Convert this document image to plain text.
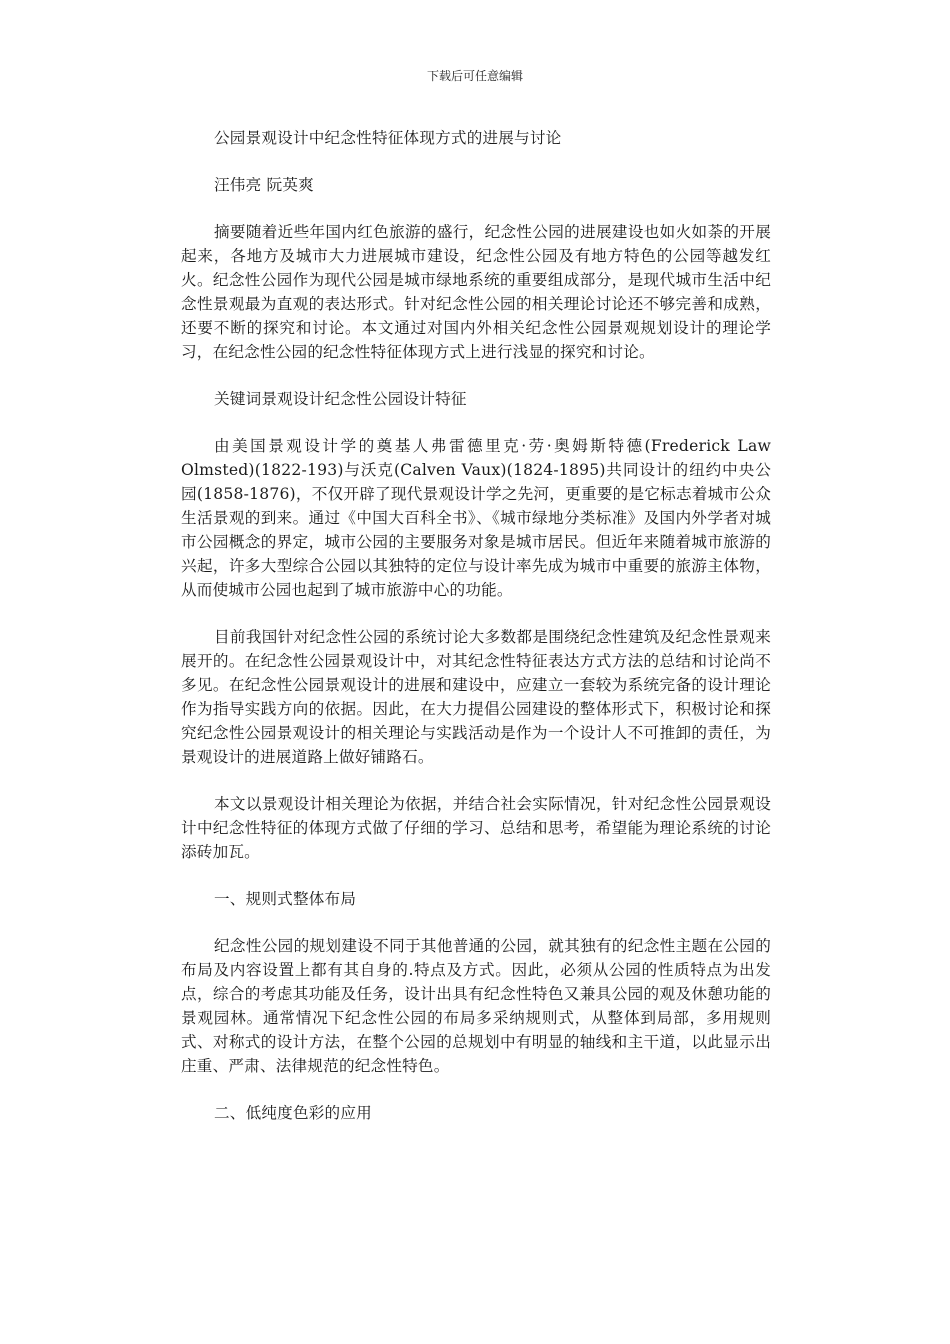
下载后可任意编辑

公园景观设计中纪念性特征体现方式的进展与讨论

汪伟亮 阮英爽

摘要随着近些年国内红色旅游的盛行，纪念性公园的进展建设也如火如荼的开展起来，各地方及城市大力进展城市建设，纪念性公园及有地方特色的公园等越发红火。纪念性公园作为现代公园是城市绿地系统的重要组成部分，是现代城市生活中纪念性景观最为直观的表达形式。针对纪念性公园的相关理论讨论还不够完善和成熟，还要不断的探究和讨论。本文通过对国内外相关纪念性公园景观规划设计的理论学习，在纪念性公园的纪念性特征体现方式上进行浅显的探究和讨论。

关键词景观设计纪念性公园设计特征

由美国景观设计学的奠基人弗雷德里克·劳·奥姆斯特德(Frederick Law Olmsted)(1822-193)与沃克(Calven Vaux)(1824-1895)共同设计的纽约中央公园(1858-1876)，不仅开辟了现代景观设计学之先河，更重要的是它标志着城市公众生活景观的到来。通过《中国大百科全书》、《城市绿地分类标准》及国内外学者对城市公园概念的界定，城市公园的主要服务对象是城市居民。但近年来随着城市旅游的兴起，许多大型综合公园以其独特的定位与设计率先成为城市中重要的旅游主体物，从而使城市公园也起到了城市旅游中心的功能。

目前我国针对纪念性公园的系统讨论大多数都是围绕纪念性建筑及纪念性景观来展开的。在纪念性公园景观设计中，对其纪念性特征表达方式方法的总结和讨论尚不多见。在纪念性公园景观设计的进展和建设中，应建立一套较为系统完备的设计理论作为指导实践方向的依据。因此，在大力提倡公园建设的整体形式下，积极讨论和探究纪念性公园景观设计的相关理论与实践活动是作为一个设计人不可推卸的责任，为景观设计的进展道路上做好铺路石。

本文以景观设计相关理论为依据，并结合社会实际情况，针对纪念性公园景观设计中纪念性特征的体现方式做了仔细的学习、总结和思考，希望能为理论系统的讨论添砖加瓦。

一、规则式整体布局

纪念性公园的规划建设不同于其他普通的公园，就其独有的纪念性主题在公园的布局及内容设置上都有其自身的.特点及方式。因此，必须从公园的性质特点为出发点，综合的考虑其功能及任务，设计出具有纪念性特色又兼具公园的观及休憩功能的景观园林。通常情况下纪念性公园的布局多采纳规则式，从整体到局部，多用规则式、对称式的设计方法，在整个公园的总规划中有明显的轴线和主干道，以此显示出庄重、严肃、法律规范的纪念性特色。

二、低纯度色彩的应用
